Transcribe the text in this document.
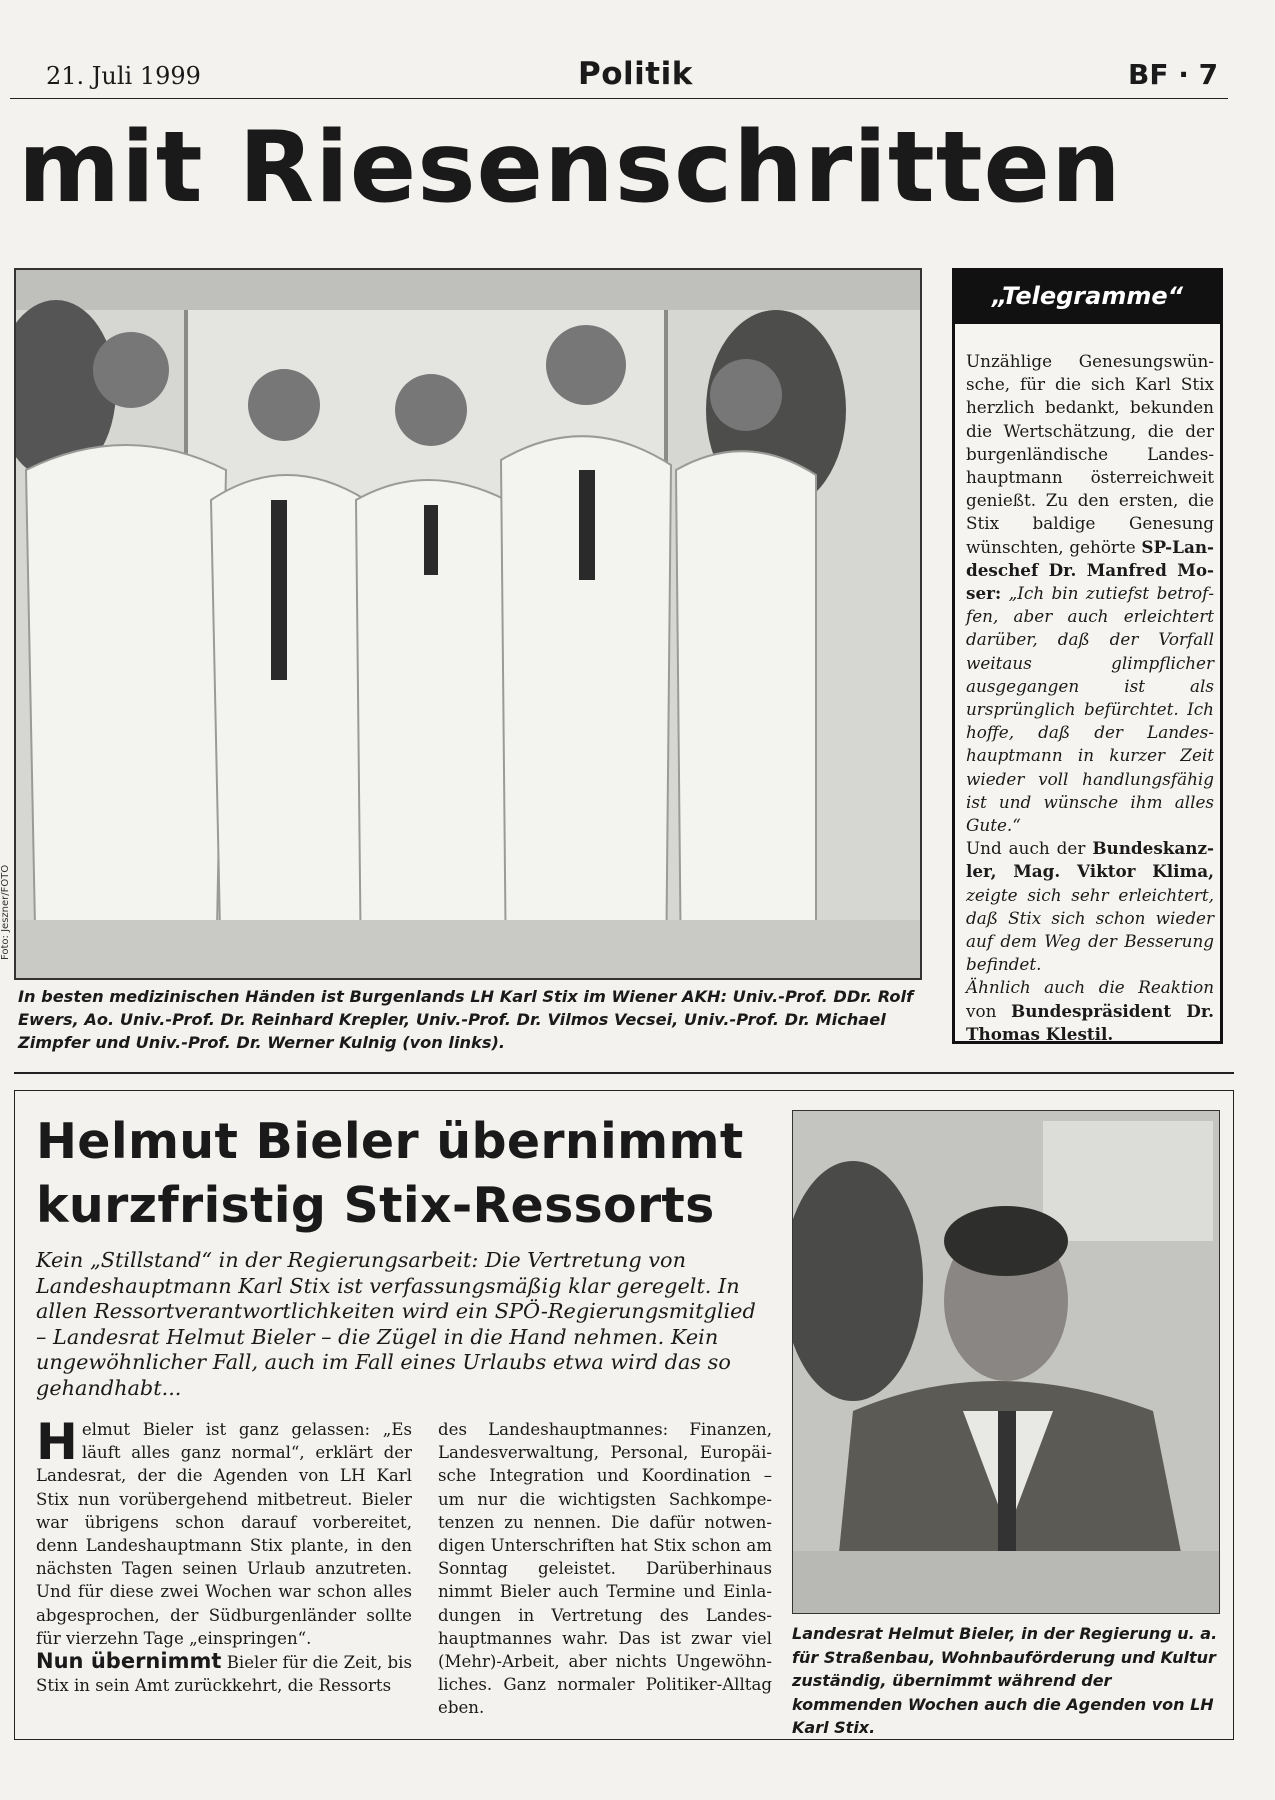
21. Juli 1999	Politik	BF · 7
mit Riesenschritten
Foto: Jeszner/FOTO
In besten medizinischen Händen ist Burgenlands LH Karl Stix im Wiener AKH: Univ.-Prof. DDr. Rolf Ewers, Ao. Univ.-Prof. Dr. Reinhard Krepler, Univ.-Prof. Dr. Vilmos Vecsei, Univ.-Prof. Dr. Michael Zimpfer und Univ.-Prof. Dr. Werner Kulnig (von links).
„Telegramme“
Unzählige Genesungswünsche, für die sich Karl Stix herzlich bedankt, bekunden die Wertschätzung, die der burgenländische Landeshauptmann österreichweit genießt. Zu den ersten, die Stix baldige Genesung wünschten, gehörte SP-Landeschef Dr. Manfred Moser: „Ich bin zutiefst betroffen, aber auch erleichtert darüber, daß der Vorfall weitaus glimpflicher ausgegangen ist als ursprünglich befürchtet. Ich hoffe, daß der Landeshauptmann in kurzer Zeit wieder voll handlungsfähig ist und wünsche ihm alles Gute.“
Und auch der Bundeskanzler, Mag. Viktor Klima, zeigte sich sehr erleichtert, daß Stix sich schon wieder auf dem Weg der Besserung befindet.
Ähnlich auch die Reaktion von Bundespräsident Dr. Thomas Klestil.
Helmut Bieler übernimmt kurzfristig Stix-Ressorts
Kein „Stillstand“ in der Regierungsarbeit: Die Vertretung von Landeshauptmann Karl Stix ist verfassungsmäßig klar geregelt. In allen Ressortverantwortlichkeiten wird ein SPÖ-Regierungsmitglied – Landesrat Helmut Bieler – die Zügel in die Hand nehmen. Kein ungewöhnlicher Fall, auch im Fall eines Urlaubs etwa wird das so gehandhabt...
Helmut Bieler ist ganz gelassen: „Es läuft alles ganz normal“, erklärt der Landesrat, der die Agenden von LH Karl Stix nun vorübergehend mitbetreut. Bieler war übrigens schon darauf vorbereitet, denn Landeshauptmann Stix plante, in den nächsten Tagen seinen Urlaub anzutreten. Und für diese zwei Wochen war schon alles abgesprochen, der Südburgenländer sollte für vierzehn Tage „einspringen“.
Nun übernimmt Bieler für die Zeit, bis Stix in sein Amt zurückkehrt, die Ressorts
des Landeshauptmannes: Finanzen, Landesverwaltung, Personal, Europäische Integration und Koordination – um nur die wichtigsten Sachkompetenzen zu nennen. Die dafür notwendigen Unterschriften hat Stix schon am Sonntag geleistet. Darüberhinaus nimmt Bieler auch Termine und Einladungen in Vertretung des Landeshauptmannes wahr. Das ist zwar viel (Mehr)-Arbeit, aber nichts Ungewöhnliches. Ganz normaler Politiker-Alltag eben.
Landesrat Helmut Bieler, in der Regierung u. a. für Straßenbau, Wohnbauförderung und Kultur zuständig, übernimmt während der kommenden Wochen auch die Agenden von LH Karl Stix.
